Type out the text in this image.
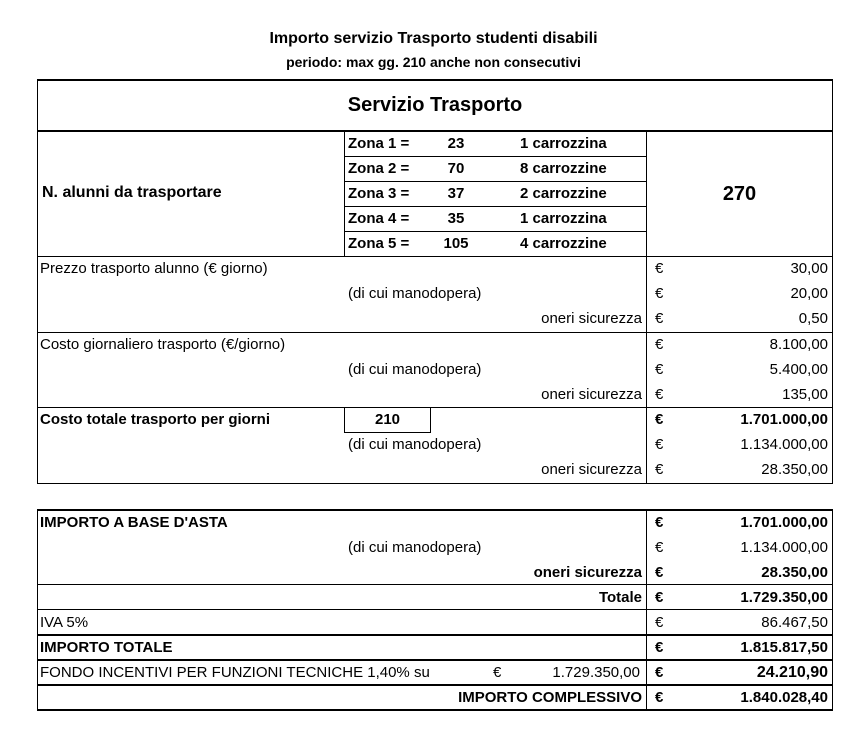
Importo servizio Trasporto studenti disabili
periodo: max gg. 210 anche non consecutivi
Servizio Trasporto
N. alunni da trasportare	270
Zona 1 =	23	1 carrozzina
Zona 2 =	70	8 carrozzine
Zona 3 =	37	2 carrozzine
Zona 4 =	35	1 carrozzina
Zona 5 =	105	4 carrozzine
Prezzo trasporto alunno (€ giorno)	€	30,00
(di cui manodopera)	€	20,00
oneri sicurezza €	0,50
Costo giornaliero trasporto (€/giorno)	€	8.100,00
(di cui manodopera)	€	5.400,00
oneri sicurezza €	135,00
Costo totale trasporto per giorni	210	€	1.701.000,00
(di cui manodopera)	€	1.134.000,00
oneri sicurezza €	28.350,00
IMPORTO A BASE D'ASTA	€	1.701.000,00
(di cui manodopera)	€	1.134.000,00
oneri sicurezza €	28.350,00
Totale €	1.729.350,00
IVA 5%	€	86.467,50
IMPORTO TOTALE	€	1.815.817,50
FONDO INCENTIVI PER FUNZIONI TECNICHE 1,40% su	€	1.729.350,00 €	24.210,90
IMPORTO COMPLESSIVO €	1.840.028,40
